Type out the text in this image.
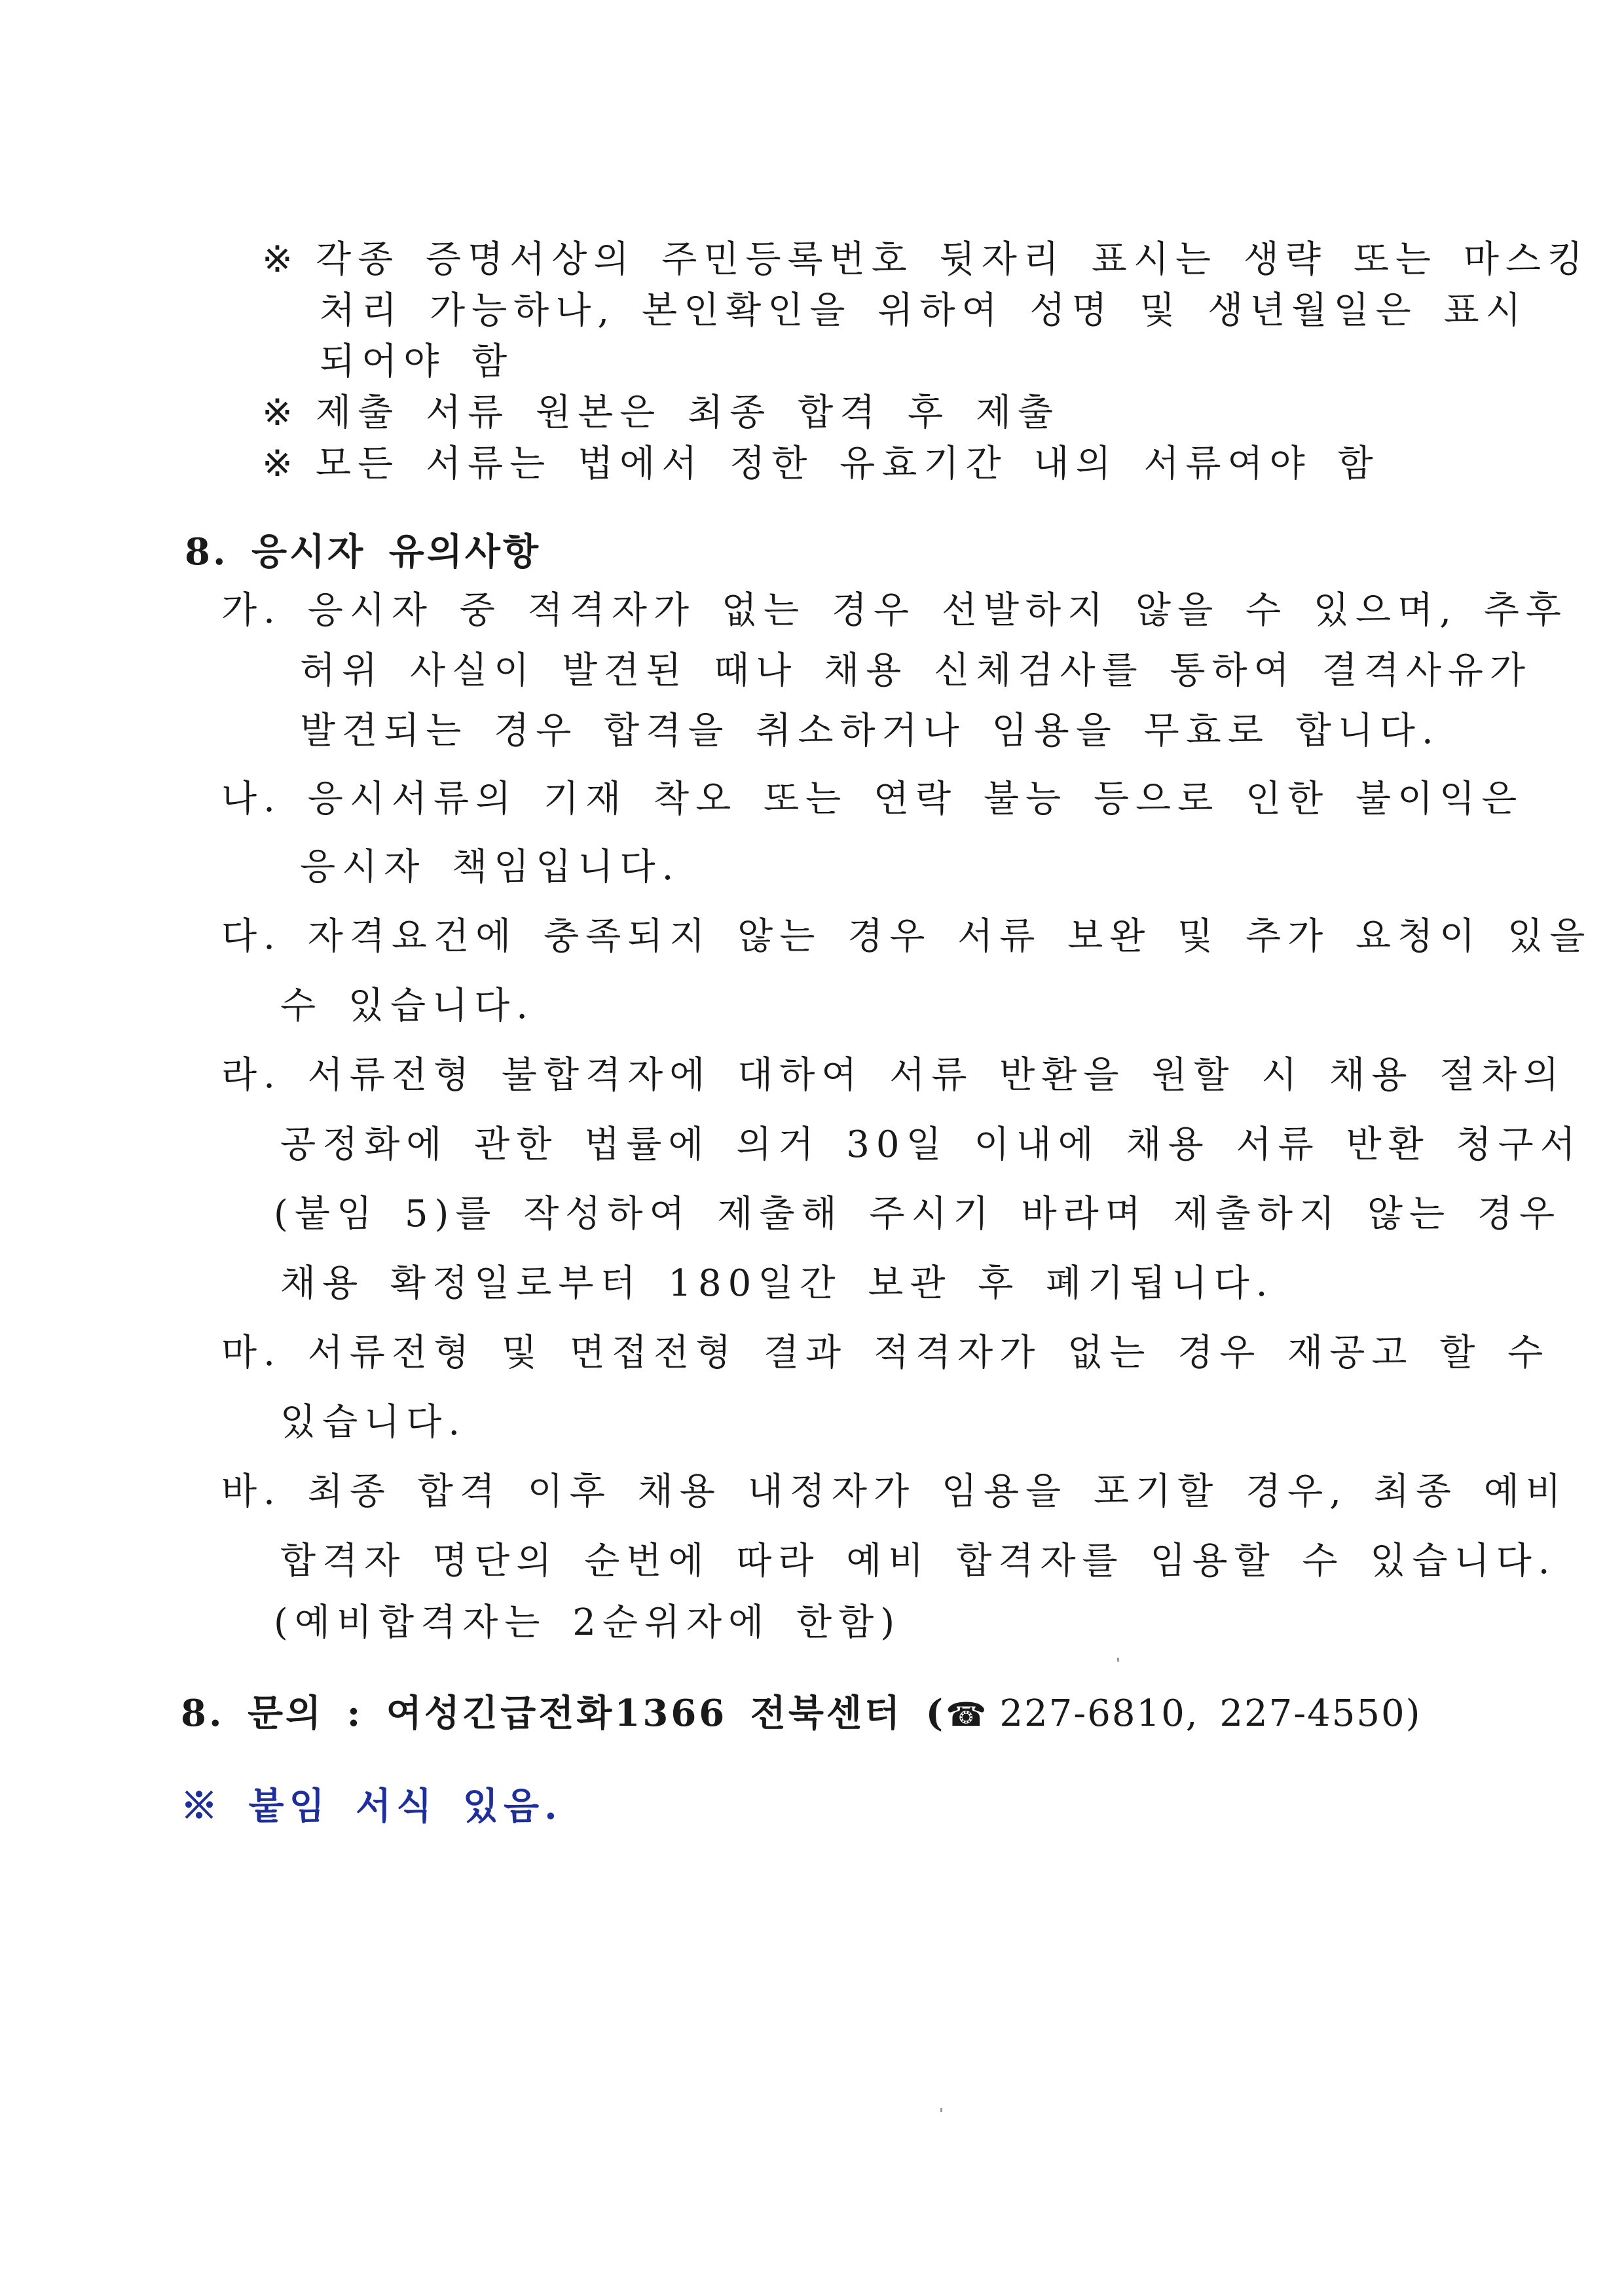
※ 각종 증명서상의 주민등록번호 뒷자리 표시는 생략 또는 마스킹
처리 가능하나, 본인확인을 위하여 성명 및 생년월일은 표시
되어야 함
※ 제출 서류 원본은 최종 합격 후 제출
※ 모든 서류는 법에서 정한 유효기간 내의 서류여야 함
8. 응시자 유의사항
가. 응시자 중 적격자가 없는 경우 선발하지 않을 수 있으며, 추후
허위 사실이 발견된 때나 채용 신체검사를 통하여 결격사유가
발견되는 경우 합격을 취소하거나 임용을 무효로 합니다.
나. 응시서류의 기재 착오 또는 연락 불능 등으로 인한 불이익은
응시자 책임입니다.
다. 자격요건에 충족되지 않는 경우 서류 보완 및 추가 요청이 있을
수 있습니다.
라. 서류전형 불합격자에 대하여 서류 반환을 원할 시 채용 절차의
공정화에 관한 법률에 의거 30일 이내에 채용 서류 반환 청구서
(붙임 5)를 작성하여 제출해 주시기 바라며 제출하지 않는 경우
채용 확정일로부터 180일간 보관 후 폐기됩니다.
마. 서류전형 및 면접전형 결과 적격자가 없는 경우 재공고 할 수
있습니다.
바. 최종 합격 이후 채용 내정자가 임용을 포기할 경우, 최종 예비
합격자 명단의 순번에 따라 예비 합격자를 임용할 수 있습니다.
(예비합격자는 2순위자에 한함)
8. 문의 : 여성긴급전화1366 전북센터 (☎ 227-6810, 227-4550)
※ 붙임 서식 있음.
